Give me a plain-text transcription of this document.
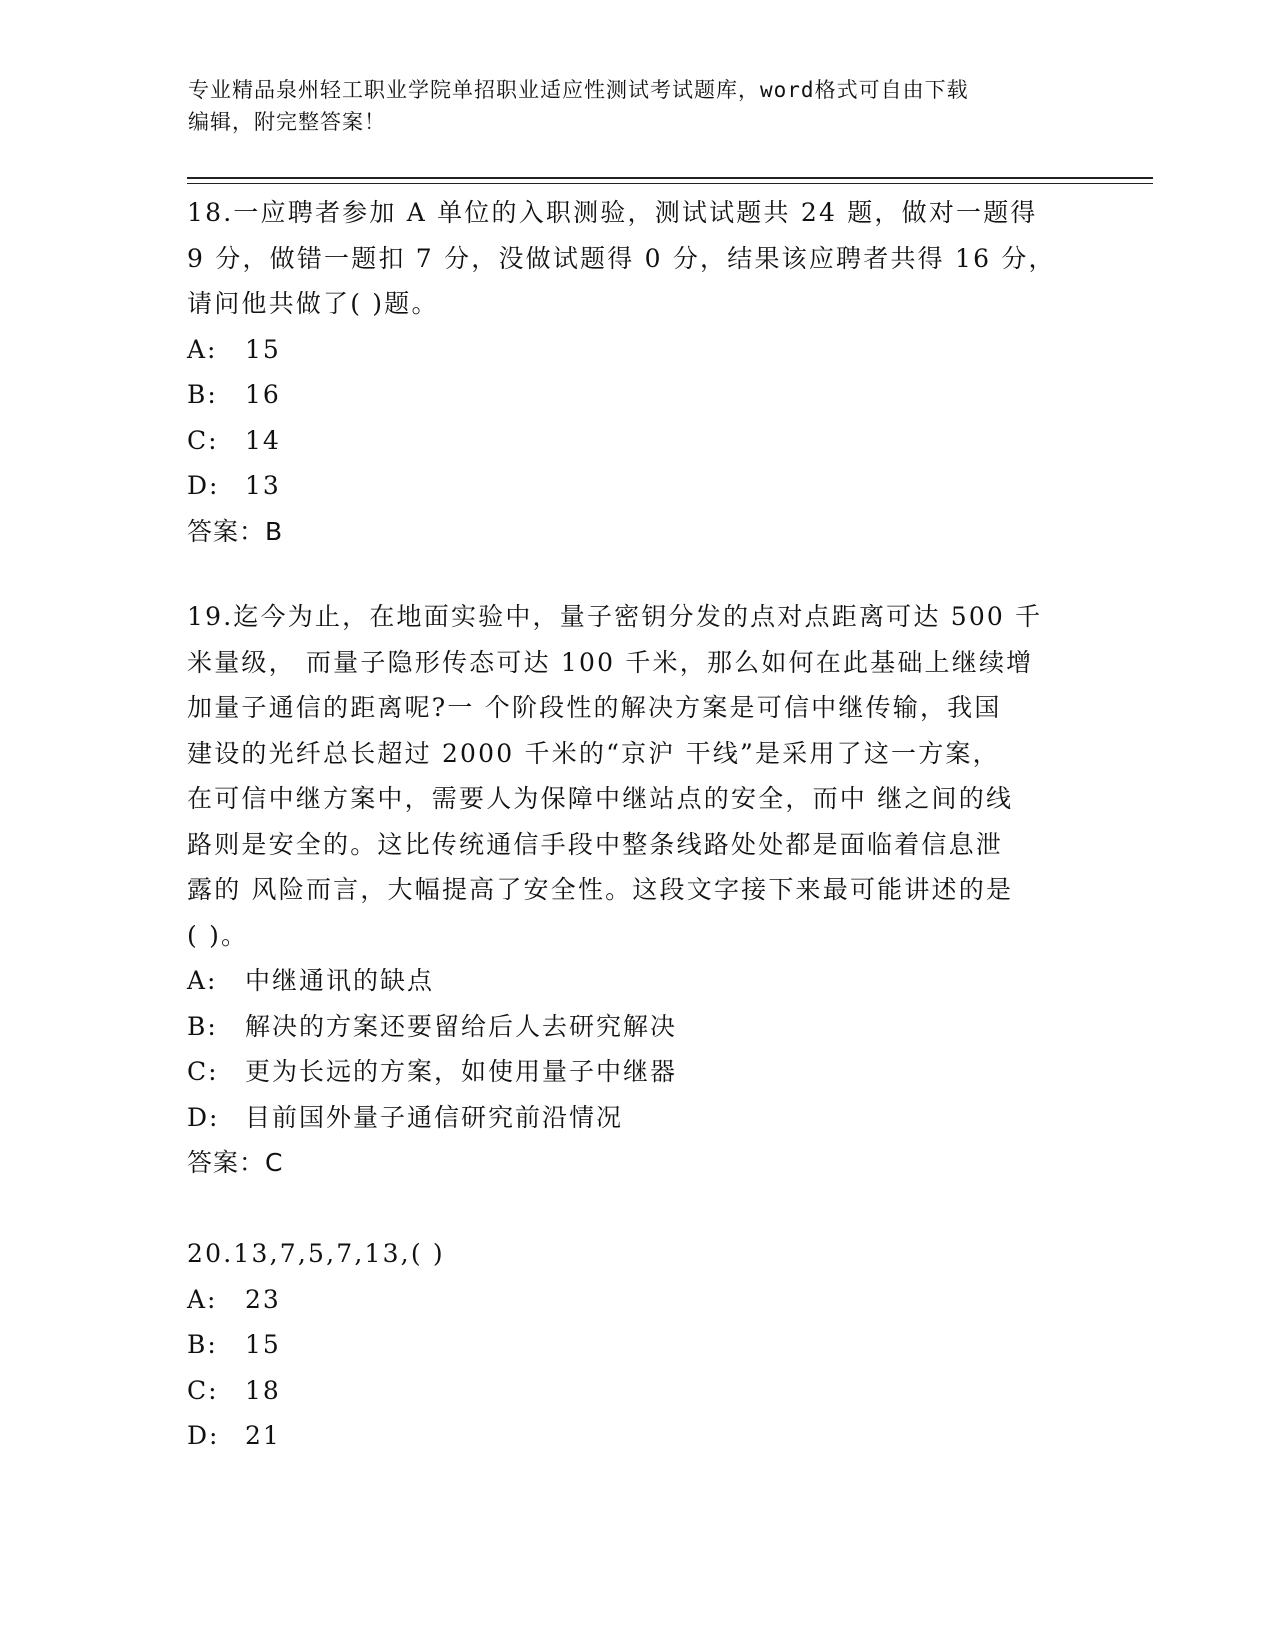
专业精品泉州轻工职业学院单招职业适应性测试考试题库，word格式可自由下载
编辑，附完整答案！
18.一应聘者参加 A 单位的入职测验，测试试题共 24 题，做对一题得
9 分，做错一题扣 7 分，没做试题得 0 分，结果该应聘者共得 16 分，
请问他共做了( )题。
A: 15
B: 16
C: 14
D: 13
答案：B
19.迄今为止，在地面实验中，量子密钥分发的点对点距离可达 500 千
米量级， 而量子隐形传态可达 100 千米，那么如何在此基础上继续增
加量子通信的距离呢?一 个阶段性的解决方案是可信中继传输，我国
建设的光纤总长超过 2000 千米的“京沪 干线”是采用了这一方案，
在可信中继方案中，需要人为保障中继站点的安全，而中 继之间的线
路则是安全的。这比传统通信手段中整条线路处处都是面临着信息泄
露的 风险而言，大幅提高了安全性。这段文字接下来最可能讲述的是
( )。
A: 中继通讯的缺点
B: 解决的方案还要留给后人去研究解决
C: 更为长远的方案，如使用量子中继器
D: 目前国外量子通信研究前沿情况
答案：C
20.13,7,5,7,13,( )
A: 23
B: 15
C: 18
D: 21
